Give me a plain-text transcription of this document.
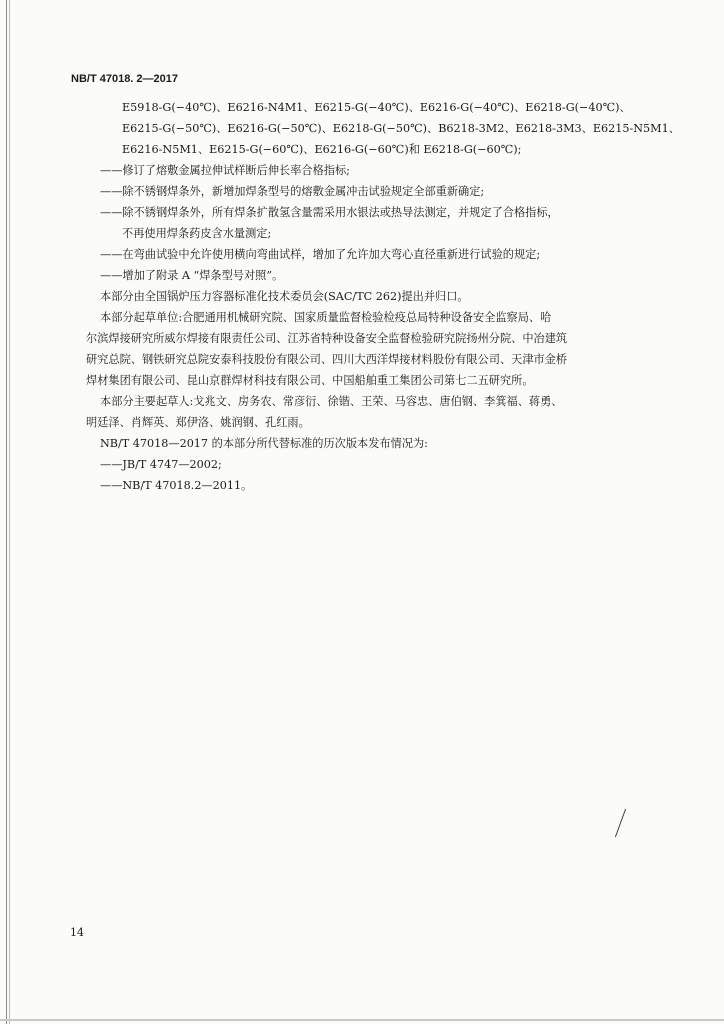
NB/T 47018. 2—2017
E5918-G(−40℃)、E6216-N4M1、E6215-G(−40℃)、E6216-G(−40℃)、E6218-G(−40℃)、
E6215-G(−50℃)、E6216-G(−50℃)、E6218-G(−50℃)、B6218-3M2、E6218-3M3、E6215-N5M1、
E6216-N5M1、E6215-G(−60℃)、E6216-G(−60℃)和 E6218-G(−60℃);
——修订了熔敷金属拉伸试样断后伸长率合格指标;
——除不锈钢焊条外，新增加焊条型号的熔敷金属冲击试验规定全部重新确定;
——除不锈钢焊条外，所有焊条扩散氢含量需采用水银法或热导法测定，并规定了合格指标，
不再使用焊条药皮含水量测定;
——在弯曲试验中允许使用横向弯曲试样，增加了允许加大弯心直径重新进行试验的规定;
——增加了附录 A “焊条型号对照”。
本部分由全国锅炉压力容器标准化技术委员会(SAC/TC 262)提出并归口。
本部分起草单位:合肥通用机械研究院、国家质量监督检验检疫总局特种设备安全监察局、哈
尔滨焊接研究所威尔焊接有限责任公司、江苏省特种设备安全监督检验研究院扬州分院、中冶建筑
研究总院、钢铁研究总院安泰科技股份有限公司、四川大西洋焊接材料股份有限公司、天津市金桥
焊材集团有限公司、昆山京群焊材科技有限公司、中国船舶重工集团公司第七二五研究所。
本部分主要起草人:戈兆文、房务农、常彦衍、徐锴、王荣、马容忠、唐伯钢、李箕福、蒋勇、
明廷泽、肖辉英、郑伊洛、姚润钢、孔红雨。
NB/T 47018—2017 的本部分所代替标准的历次版本发布情况为:
——JB/T 4747—2002;
——NB/T 47018.2—2011。
14
